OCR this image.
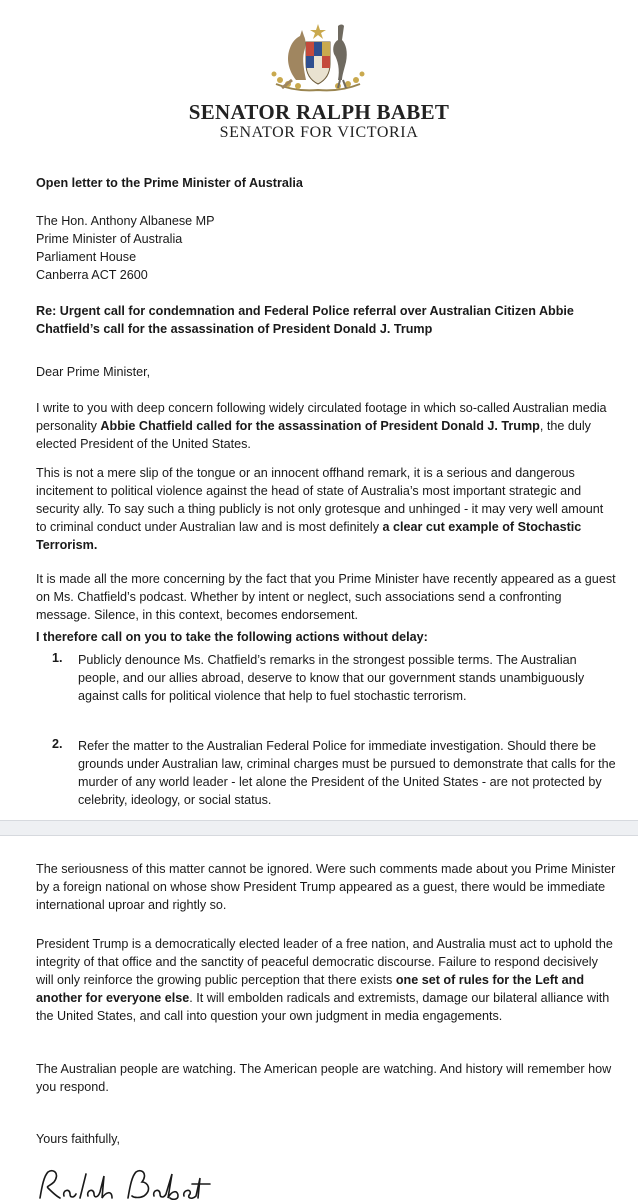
SENATOR RALPH BABET
SENATOR FOR VICTORIA

Open letter to the Prime Minister of Australia

The Hon. Anthony Albanese MP

Prime Minister of Australia

Parliament House

Canberra ACT 2600

Re: Urgent call for condemnation and Federal Police referral over Australian Citizen Abbie

Chatfield’s call for the assassination of President Donald J. Trump

Dear Prime Minister,

I write to you with deep concern following widely circulated footage in which so-called Australian media personality Abbie Chatfield called for the assassination of President Donald J. Trump, the duly elected President of the United States.

This is not a mere slip of the tongue or an innocent offhand remark, it is a serious and dangerous incitement to political violence against the head of state of Australia’s most important strategic and security ally. To say such a thing publicly is not only grotesque and unhinged - it may very well amount to criminal conduct under Australian law and is most definitely a clear cut example of Stochastic Terrorism.

It is made all the more concerning by the fact that you Prime Minister have recently appeared as a guest on Ms. Chatfield’s podcast. Whether by intent or neglect, such associations send a confronting message. Silence, in this context, becomes endorsement.

I therefore call on you to take the following actions without delay:

1. Publicly denounce Ms. Chatfield’s remarks in the strongest possible terms. The Australian people, and our allies abroad, deserve to know that our government stands unambiguously against calls for political violence that help to fuel stochastic terrorism.

2. Refer the matter to the Australian Federal Police for immediate investigation. Should there be grounds under Australian law, criminal charges must be pursued to demonstrate that calls for the murder of any world leader - let alone the President of the United States - are not protected by celebrity, ideology, or social status.

The seriousness of this matter cannot be ignored. Were such comments made about you Prime Minister by a foreign national on whose show President Trump appeared as a guest, there would be immediate international uproar and rightly so.

President Trump is a democratically elected leader of a free nation, and Australia must act to uphold the integrity of that office and the sanctity of peaceful democratic discourse. Failure to respond decisively will only reinforce the growing public perception that there exists one set of rules for the Left and another for everyone else. It will embolden radicals and extremists, damage our bilateral alliance with the United States, and call into question your own judgment in media engagements.

The Australian people are watching. The American people are watching. And history will remember how you respond.

Yours faithfully,
